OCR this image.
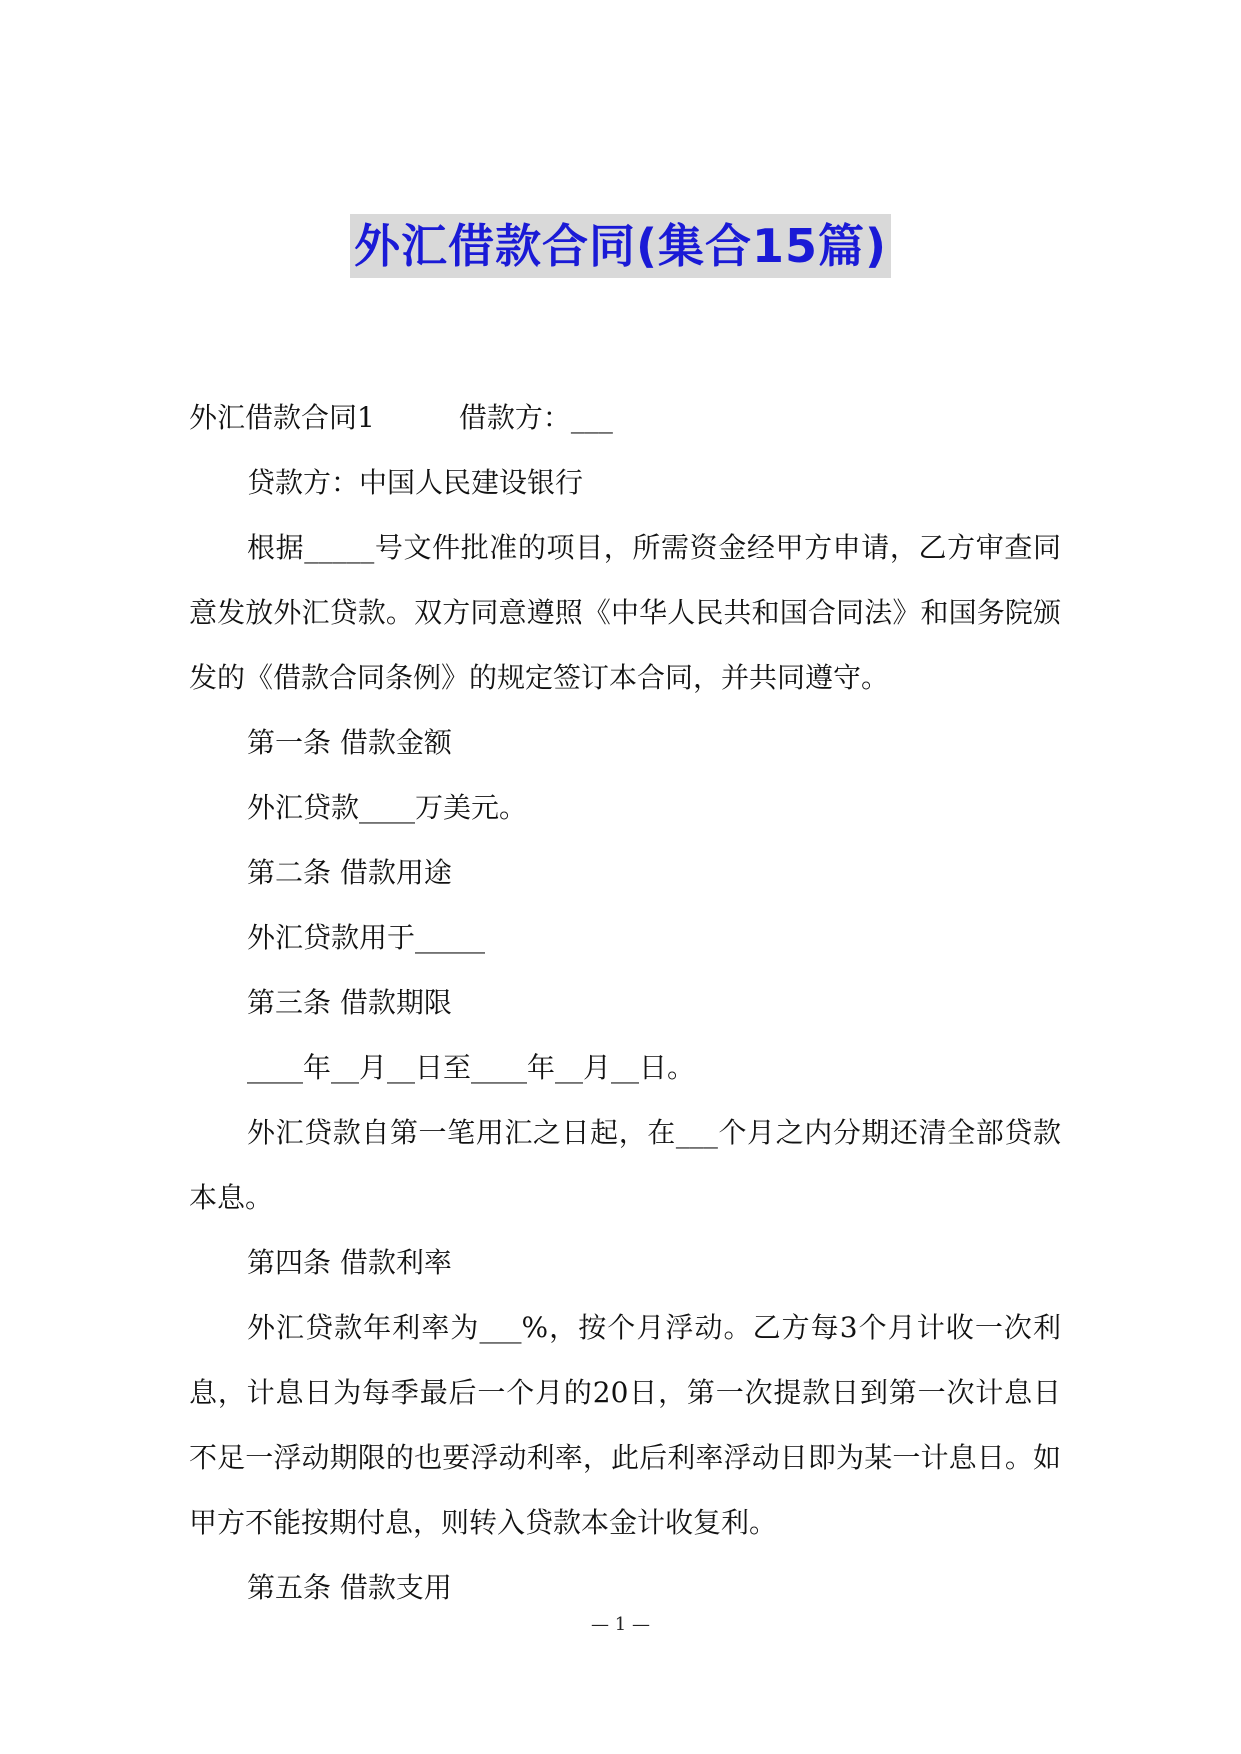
外汇借款合同(集合15篇)

外汇借款合同1	借款方：___

贷款方：中国人民建设银行

根据_____号文件批准的项目，所需资金经甲方申请，乙方审查同意发放外汇贷款。双方同意遵照《中华人民共和国合同法》和国务院颁发的《借款合同条例》的规定签订本合同，并共同遵守。

第一条 借款金额

外汇贷款____万美元。

第二条 借款用途

外汇贷款用于_____

第三条 借款期限

____年__月__日至____年__月__日。

外汇贷款自第一笔用汇之日起，在___个月之内分期还清全部贷款本息。

第四条 借款利率

外汇贷款年利率为___%，按个月浮动。乙方每3个月计收一次利息，计息日为每季最后一个月的20日，第一次提款日到第一次计息日不足一浮动期限的也要浮动利率，此后利率浮动日即为某一计息日。如甲方不能按期付息，则转入贷款本金计收复利。

第五条 借款支用

— 1 —
